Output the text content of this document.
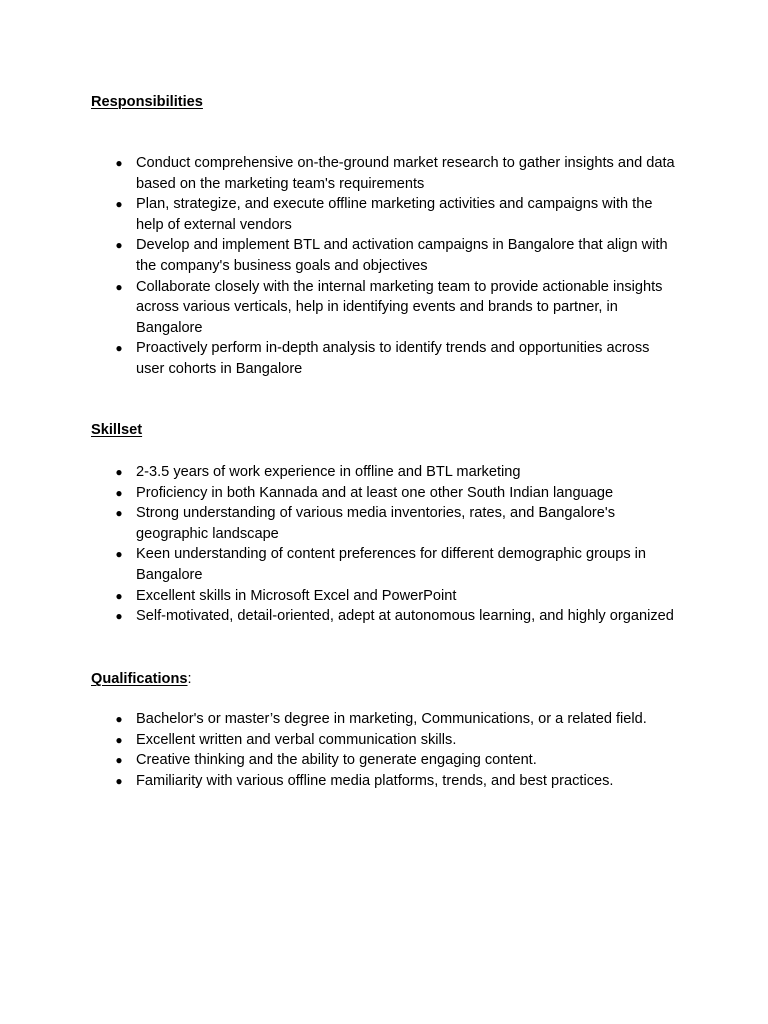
Responsibilities
● Conduct comprehensive on-the-ground market research to gather insights and data based on the marketing team's requirements
● Plan, strategize, and execute offline marketing activities and campaigns with the help of external vendors
● Develop and implement BTL and activation campaigns in Bangalore that align with the company's business goals and objectives
● Collaborate closely with the internal marketing team to provide actionable insights across various verticals, help in identifying events and brands to partner, in Bangalore
● Proactively perform in-depth analysis to identify trends and opportunities across user cohorts in Bangalore
Skillset
● 2-3.5 years of work experience in offline and BTL marketing
● Proficiency in both Kannada and at least one other South Indian language
● Strong understanding of various media inventories, rates, and Bangalore's geographic landscape
● Keen understanding of content preferences for different demographic groups in Bangalore
● Excellent skills in Microsoft Excel and PowerPoint
● Self-motivated, detail-oriented, adept at autonomous learning, and highly organized
Qualifications:
● Bachelor's or master’s degree in marketing, Communications, or a related field.
● Excellent written and verbal communication skills.
● Creative thinking and the ability to generate engaging content.
● Familiarity with various offline media platforms, trends, and best practices.
